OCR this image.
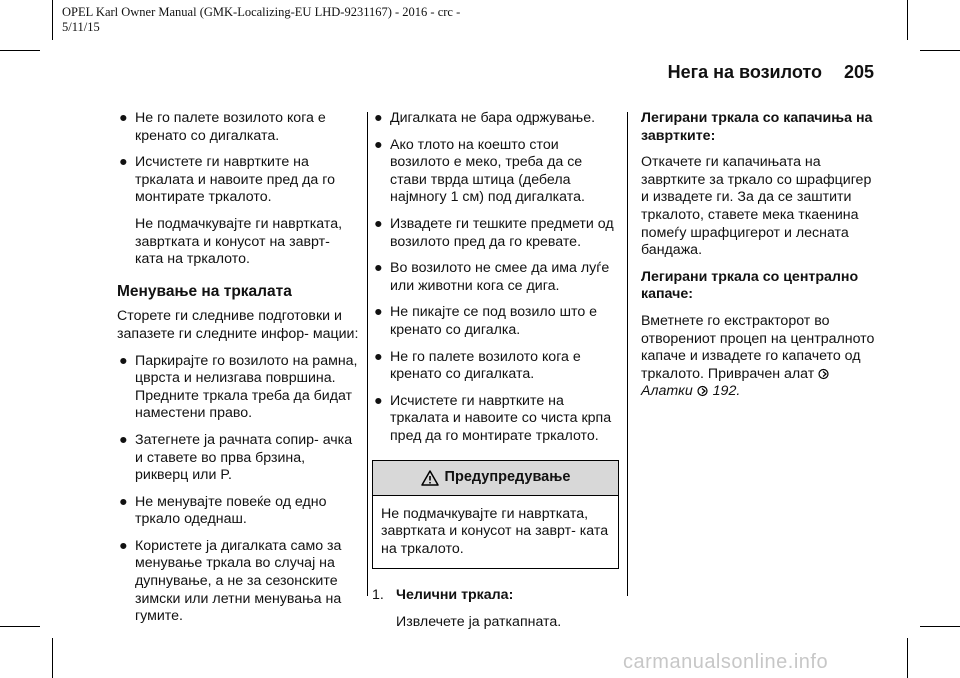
OPEL Karl Owner Manual (GMK-Localizing-EU LHD-9231167) - 2016 - crc -
5/11/15
Нега на возилото 205
● Не го палете возилото кога е кренато со дигалката.
● Исчистете ги навртките на тркалата и навоите пред да го монтирате тркалото.

Не подмачкувајте ги навртката, завртката и конусот на заврт- ката на тркалото.

Менување на тркалата

Сторете ги следниве подготовки и запазете ги следните инфор- мации:

● Паркирајте го возилото на рамна, цврста и нелизгава површина. Предните тркала треба да бидат наместени право.
● Затегнете ја рачната сопир- ачка и ставете во прва брзина, рикверц или P.
● Не менувајте повеќе од едно тркало одеднаш.
● Користете ја дигалката само за менување тркала во случај на дупнување, а не за сезонските зимски или летни менувања на гумите.
● Дигалката не бара одржување.
● Ако тлото на коешто стои возилото е меко, треба да се стави тврда штица (дебела најмногу 1 см) под дигалката.
● Извадете ги тешките предмети од возилото пред да го кревате.
● Во возилото не смее да има луѓе или животни кога се дига.
● Не пикајте се под возило што е кренато со дигалка.
● Не го палете возилото кога е кренато со дигалката.
● Исчистете ги навртките на тркалата и навоите со чиста крпа пред да го монтирате тркалото.
Предупредување
Не подмачкувајте ги навртката, завртката и конусот на заврт- ката на тркалото.
1. Челични тркала:
Извлечете ја раткапната.

Легирани тркала со капачиња на завртките:

Откачете ги капачињата на завртките за тркало со шрафцигер и извадете ги. За да се заштити тркалото, ставете мека ткаенина помеѓу шрафцигерот и лесната бандажа.

Легирани тркала со централно капаче:

Вметнете го екстракторот во отворениот процеп на централното капаче и извадете го капачето од тркалото. Приврачен алат
Алатки 192.

carmanualsonline.info
